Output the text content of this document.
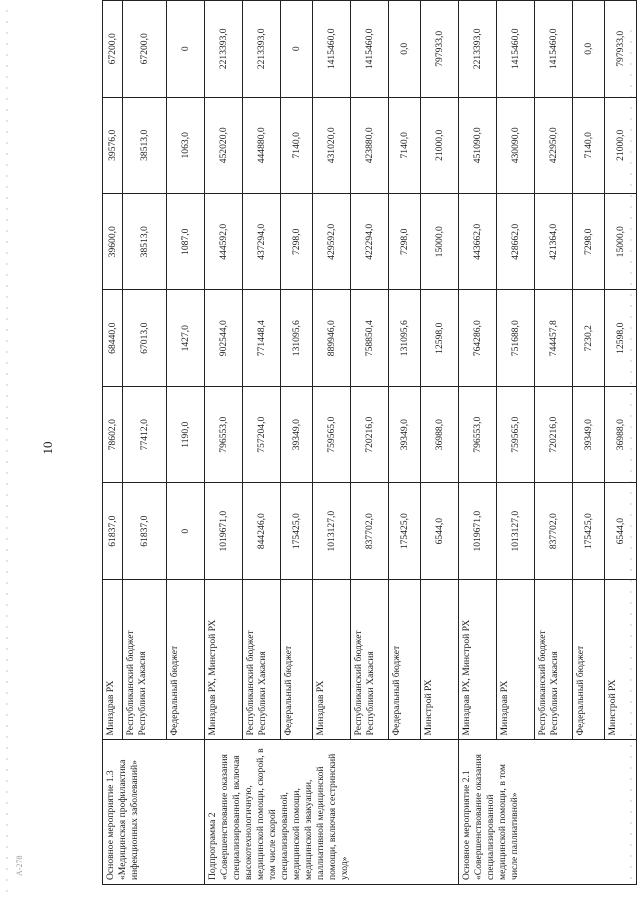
10
А-278	Основное мероприятие 1.3 «Медицинская профилактика инфекционных заболеваний»	Минздрав РХ	61837,0	78602,0	68440,0	39600,0	39576,0	67200,0
	Республиканский бюджет Республики Хакасия	61837,0	77412,0	67013,0	38513,0	38513,0	67200,0
	Федеральный бюджет	0	1190,0	1427,0	1087,0	1063,0	0
Подпрограмма 2 «Совершенствование оказания специализированной, включая высокотехнологичную, медицинской помощи, скорой, в том числе скорой специализированной, медицинской помощи, медицинской эвакуации, паллиативной медицинской помощи, включая сестринский уход»	Минздрав РХ, Минстрой РХ	1019671,0	796553,0	902544,0	444592,0	452020,0	2213393,0
	Республиканский бюджет Республики Хакасия	844246,0	757204,0	771448,4	437294,0	444880,0	2213393,0
	Федеральный бюджет	175425,0	39349,0	131095,6	7298,0	7140,0	0
	Минздрав РХ	1013127,0	759565,0	889946,0	429592,0	431020,0	1415460,0
	Республиканский бюджет Республики Хакасия	837702,0	720216,0	758850,4	422294,0	423880,0	1415460,0
	Федеральный бюджет	175425,0	39349,0	131095,6	7298,0	7140,0	0,0
	Минстрой РХ	6544,0	36988,0	12598,0	15000,0	21000,0	797933,0
Основное мероприятие 2.1 «Совершенствование оказания специализированной медицинской помощи, в том числе паллиативной»	Минздрав РХ, Минстрой РХ	1019671,0	796553,0	764286,0	443662,0	451090,0	2213393,0
	Минздрав РХ	1013127,0	759565,0	751688,0	428662,0	430090,0	1415460,0
	Республиканский бюджет Республики Хакасия	837702,0	720216,0	744457,8	421364,0	422950,0	1415460,0
	Федеральный бюджет	175425,0	39349,0	7230,2	7298,0	7140,0	0,0
	Минстрой РХ	6544,0	36988,0	12598,0	15000,0	21000,0	797933,0
